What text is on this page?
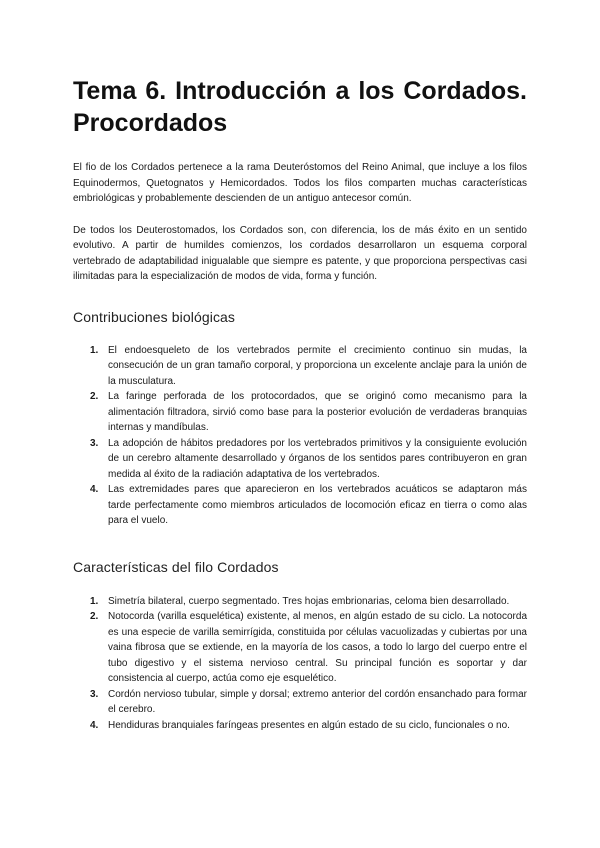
Tema 6. Introducción a los Cordados. Procordados

El fio de los Cordados pertenece a la rama Deuteróstomos del Reino Animal, que incluye a los filos Equinodermos, Quetognatos y Hemicordados. Todos los filos comparten muchas características embriológicas y probablemente descienden de un antiguo antecesor común.

De todos los Deuterostomados, los Cordados son, con diferencia, los de más éxito en un sentido evolutivo. A partir de humildes comienzos, los cordados desarrollaron un esquema corporal vertebrado de adaptabilidad inigualable que siempre es patente, y que proporciona perspectivas casi ilimitadas para la especialización de modos de vida, forma y función.

Contribuciones biológicas
1. El endoesqueleto de los vertebrados permite el crecimiento continuo sin mudas, la consecución de un gran tamaño corporal, y proporciona un excelente anclaje para la unión de la musculatura.
2. La faringe perforada de los protocordados, que se originó como mecanismo para la alimentación filtradora, sirvió como base para la posterior evolución de verdaderas branquias internas y mandíbulas.
3. La adopción de hábitos predadores por los vertebrados primitivos y la consiguiente evolución de un cerebro altamente desarrollado y órganos de los sentidos pares contribuyeron en gran medida al éxito de la radiación adaptativa de los vertebrados.
4. Las extremidades pares que aparecieron en los vertebrados acuáticos se adaptaron más tarde perfectamente como miembros articulados de locomoción eficaz en tierra o como alas para el vuelo.
Características del filo Cordados
1. Simetría bilateral, cuerpo segmentado. Tres hojas embrionarias, celoma bien desarrollado.
2. Notocorda (varilla esquelética) existente, al menos, en algún estado de su ciclo. La notocorda es una especie de varilla semirrígida, constituida por células vacuolizadas y cubiertas por una vaina fibrosa que se extiende, en la mayoría de los casos, a todo lo largo del cuerpo entre el tubo digestivo y el sistema nervioso central. Su principal función es soportar y dar consistencia al cuerpo, actúa como eje esquelético.
3. Cordón nervioso tubular, simple y dorsal; extremo anterior del cordón ensanchado para formar el cerebro.
4. Hendiduras branquiales faríngeas presentes en algún estado de su ciclo, funcionales o no.
